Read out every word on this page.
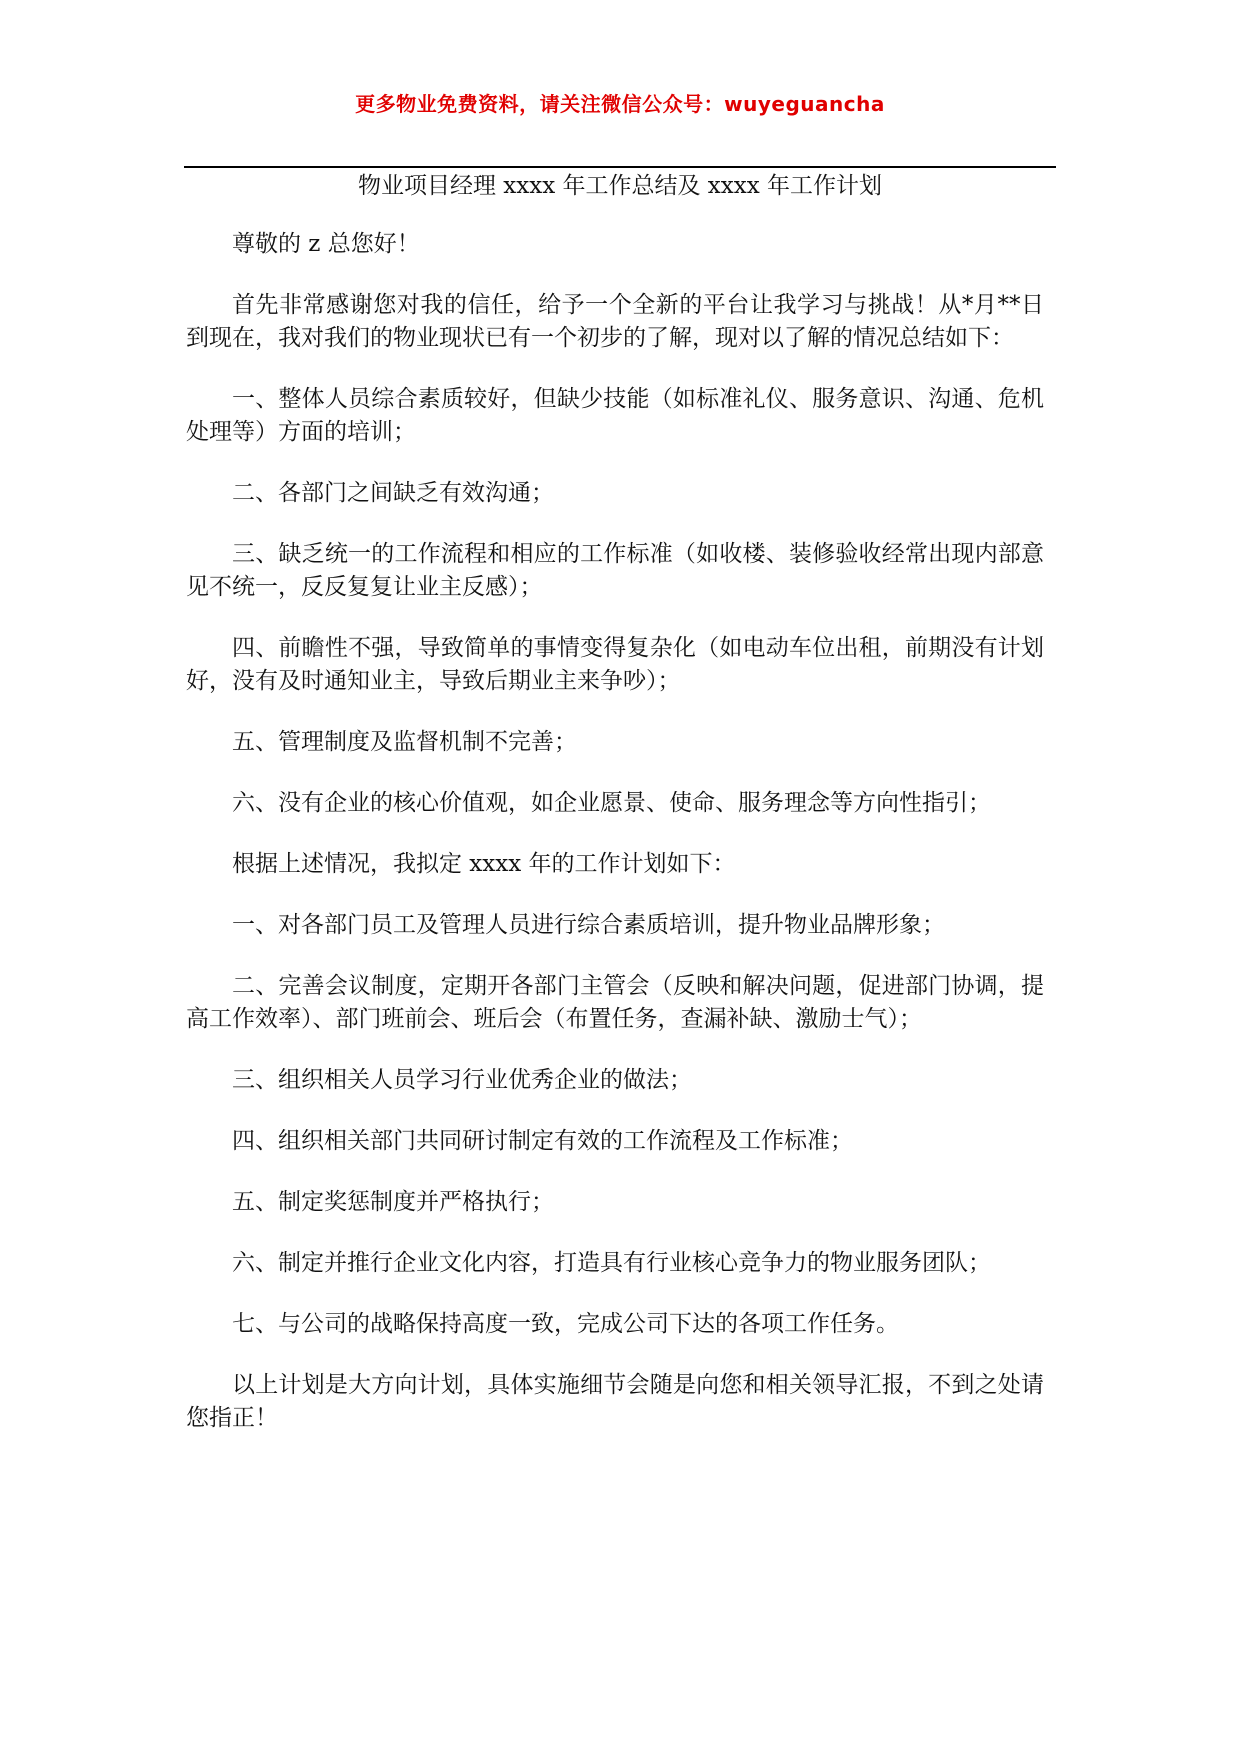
更多物业免费资料，请关注微信公众号：wuyeguancha
物业项目经理 xxxx 年工作总结及 xxxx 年工作计划

尊敬的 z 总您好！

首先非常感谢您对我的信任，给予一个全新的平台让我学习与挑战！从*月**日到现在，我对我们的物业现状已有一个初步的了解，现对以了解的情况总结如下：

一、整体人员综合素质较好，但缺少技能（如标准礼仪、服务意识、沟通、危机处理等）方面的培训；

二、各部门之间缺乏有效沟通；

三、缺乏统一的工作流程和相应的工作标准（如收楼、装修验收经常出现内部意见不统一，反反复复让业主反感）；

四、前瞻性不强，导致简单的事情变得复杂化（如电动车位出租，前期没有计划好，没有及时通知业主，导致后期业主来争吵）；

五、管理制度及监督机制不完善；

六、没有企业的核心价值观，如企业愿景、使命、服务理念等方向性指引；

根据上述情况，我拟定 xxxx 年的工作计划如下：

一、对各部门员工及管理人员进行综合素质培训，提升物业品牌形象；

二、完善会议制度，定期开各部门主管会（反映和解决问题，促进部门协调，提高工作效率）、部门班前会、班后会（布置任务，查漏补缺、激励士气）；

三、组织相关人员学习行业优秀企业的做法；

四、组织相关部门共同研讨制定有效的工作流程及工作标准；

五、制定奖惩制度并严格执行；

六、制定并推行企业文化内容，打造具有行业核心竞争力的物业服务团队；

七、与公司的战略保持高度一致，完成公司下达的各项工作任务。

以上计划是大方向计划，具体实施细节会随是向您和相关领导汇报，不到之处请您指正！
